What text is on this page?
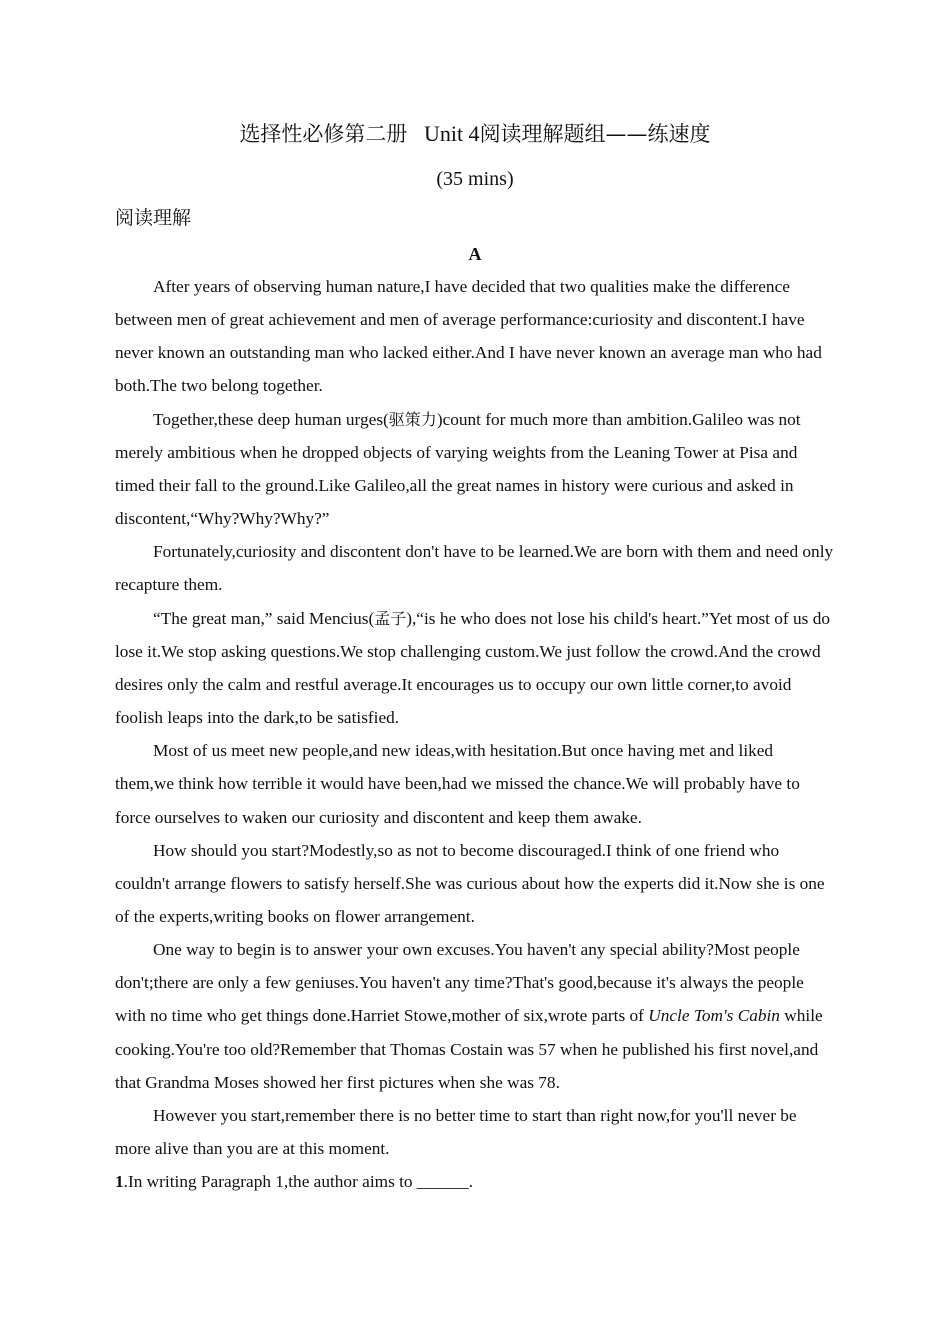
选择性必修第二册 Unit 4阅读理解题组——练速度
(35 mins)
阅读理解
A

After years of observing human nature,I have decided that two qualities make the difference between men of great achievement and men of average performance:curiosity and discontent.I have never known an outstanding man who lacked either.And I have never known an average man who had both.The two belong together.

Together,these deep human urges(驱策力)count for much more than ambition.Galileo was not merely ambitious when he dropped objects of varying weights from the Leaning Tower at Pisa and timed their fall to the ground.Like Galileo,all the great names in history were curious and asked in discontent,“Why?Why?Why?”

Fortunately,curiosity and discontent don't have to be learned.We are born with them and need only recapture them.

“The great man,” said Mencius(孟子),“is he who does not lose his child's heart.”Yet most of us do lose it.We stop asking questions.We stop challenging custom.We just follow the crowd.And the crowd desires only the calm and restful average.It encourages us to occupy our own little corner,to avoid foolish leaps into the dark,to be satisfied.

Most of us meet new people,and new ideas,with hesitation.But once having met and liked them,we think how terrible it would have been,had we missed the chance.We will probably have to force ourselves to waken our curiosity and discontent and keep them awake.

How should you start?Modestly,so as not to become discouraged.I think of one friend who couldn't arrange flowers to satisfy herself.She was curious about how the experts did it.Now she is one of the experts,writing books on flower arrangement.

One way to begin is to answer your own excuses.You haven't any special ability?Most people don't;there are only a few geniuses.You haven't any time?That's good,because it's always the people with no time who get things done.Harriet Stowe,mother of six,wrote parts of Uncle Tom's Cabin while cooking.You're too old?Remember that Thomas Costain was 57 when he published his first novel,and that Grandma Moses showed her first pictures when she was 78.

However you start,remember there is no better time to start than right now,for you'll never be more alive than you are at this moment.

1.In writing Paragraph 1,the author aims to ______.
